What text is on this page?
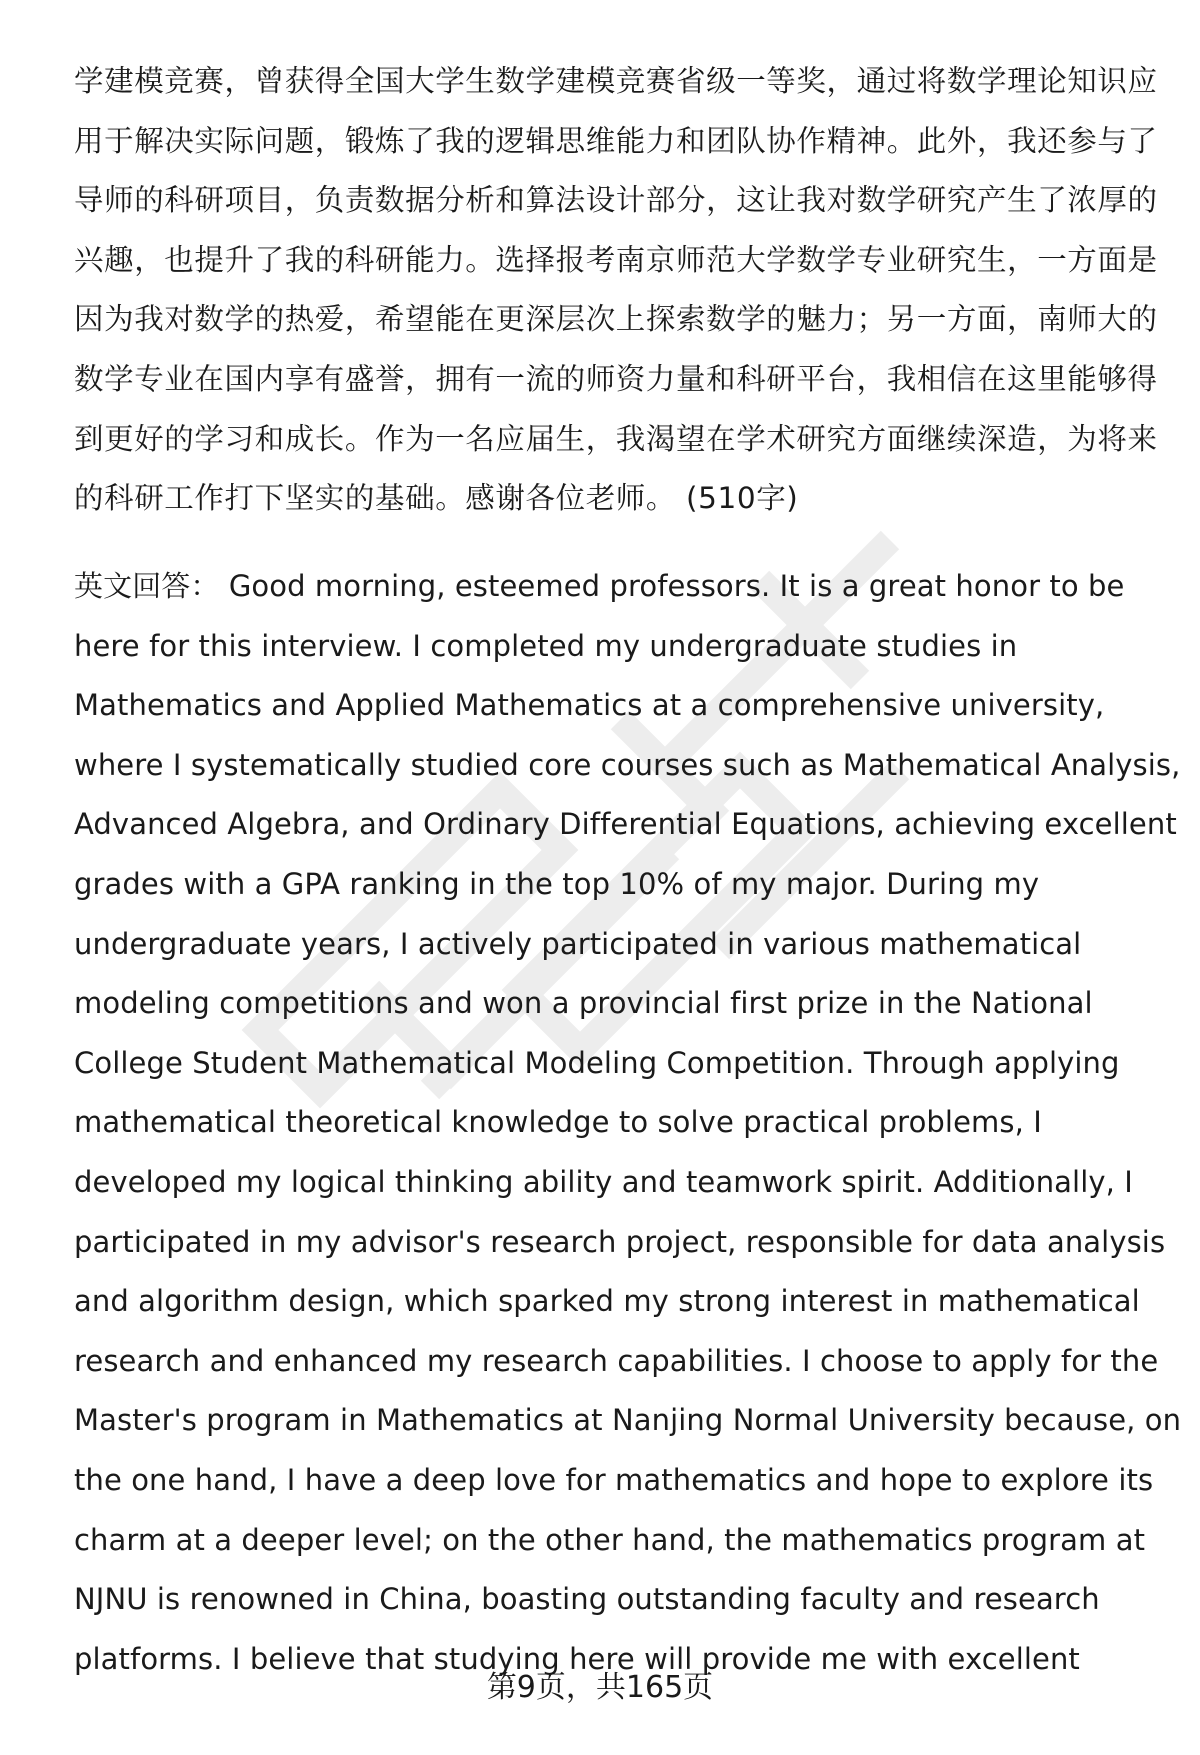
学建模竞赛，曾获得全国大学生数学建模竞赛省级一等奖，通过将数学理论知识应
用于解决实际问题，锻炼了我的逻辑思维能力和团队协作精神。此外，我还参与了
导师的科研项目，负责数据分析和算法设计部分，这让我对数学研究产生了浓厚的
兴趣，也提升了我的科研能力。选择报考南京师范大学数学专业研究生，一方面是
因为我对数学的热爱，希望能在更深层次上探索数学的魅力；另一方面，南师大的
数学专业在国内享有盛誉，拥有一流的师资力量和科研平台，我相信在这里能够得
到更好的学习和成长。作为一名应届生，我渴望在学术研究方面继续深造，为将来
的科研工作打下坚实的基础。感谢各位老师。 (510字)
英文回答： Good morning, esteemed professors. It is a great honor to be
here for this interview. I completed my undergraduate studies in
Mathematics and Applied Mathematics at a comprehensive university,
where I systematically studied core courses such as Mathematical Analysis,
Advanced Algebra, and Ordinary Differential Equations, achieving excellent
grades with a GPA ranking in the top 10% of my major. During my
undergraduate years, I actively participated in various mathematical
modeling competitions and won a provincial first prize in the National
College Student Mathematical Modeling Competition. Through applying
mathematical theoretical knowledge to solve practical problems, I
developed my logical thinking ability and teamwork spirit. Additionally, I
participated in my advisor's research project, responsible for data analysis
and algorithm design, which sparked my strong interest in mathematical
research and enhanced my research capabilities. I choose to apply for the
Master's program in Mathematics at Nanjing Normal University because, on
the one hand, I have a deep love for mathematics and hope to explore its
charm at a deeper level; on the other hand, the mathematics program at
NJNU is renowned in China, boasting outstanding faculty and research
platforms. I believe that studying here will provide me with excellent
第9页，共165页
